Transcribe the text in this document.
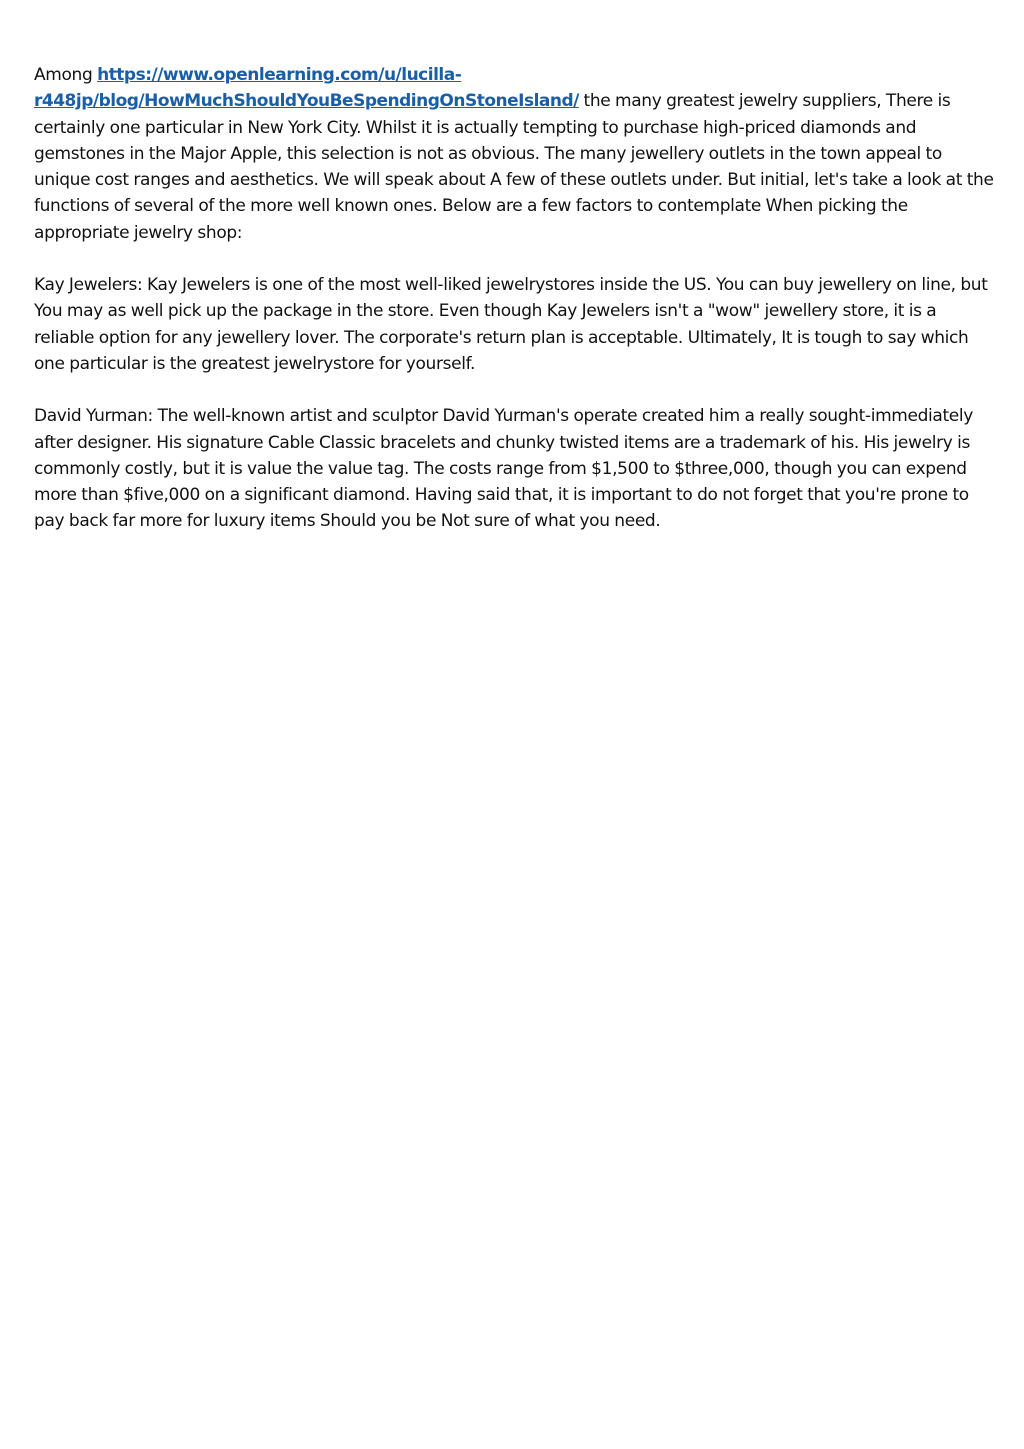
Among https://www.openlearning.com/u/lucilla-r448jp/blog/HowMuchShouldYouBeSpendingOnStoneIsland/ the many greatest jewelry suppliers, There is certainly one particular in New York City. Whilst it is actually tempting to purchase high-priced diamonds and gemstones in the Major Apple, this selection is not as obvious. The many jewellery outlets in the town appeal to unique cost ranges and aesthetics. We will speak about A few of these outlets under. But initial, let's take a look at the functions of several of the more well known ones. Below are a few factors to contemplate When picking the appropriate jewelry shop:

Kay Jewelers: Kay Jewelers is one of the most well-liked jewelrystores inside the US. You can buy jewellery on line, but You may as well pick up the package in the store. Even though Kay Jewelers isn't a "wow" jewellery store, it is a reliable option for any jewellery lover. The corporate's return plan is acceptable. Ultimately, It is tough to say which one particular is the greatest jewelrystore for yourself.

David Yurman: The well-known artist and sculptor David Yurman's operate created him a really sought-immediately after designer. His signature Cable Classic bracelets and chunky twisted items are a trademark of his. His jewelry is commonly costly, but it is value the value tag. The costs range from $1,500 to $three,000, though you can expend more than $five,000 on a significant diamond. Having said that, it is important to do not forget that you're prone to pay back far more for luxury items Should you be Not sure of what you need.
